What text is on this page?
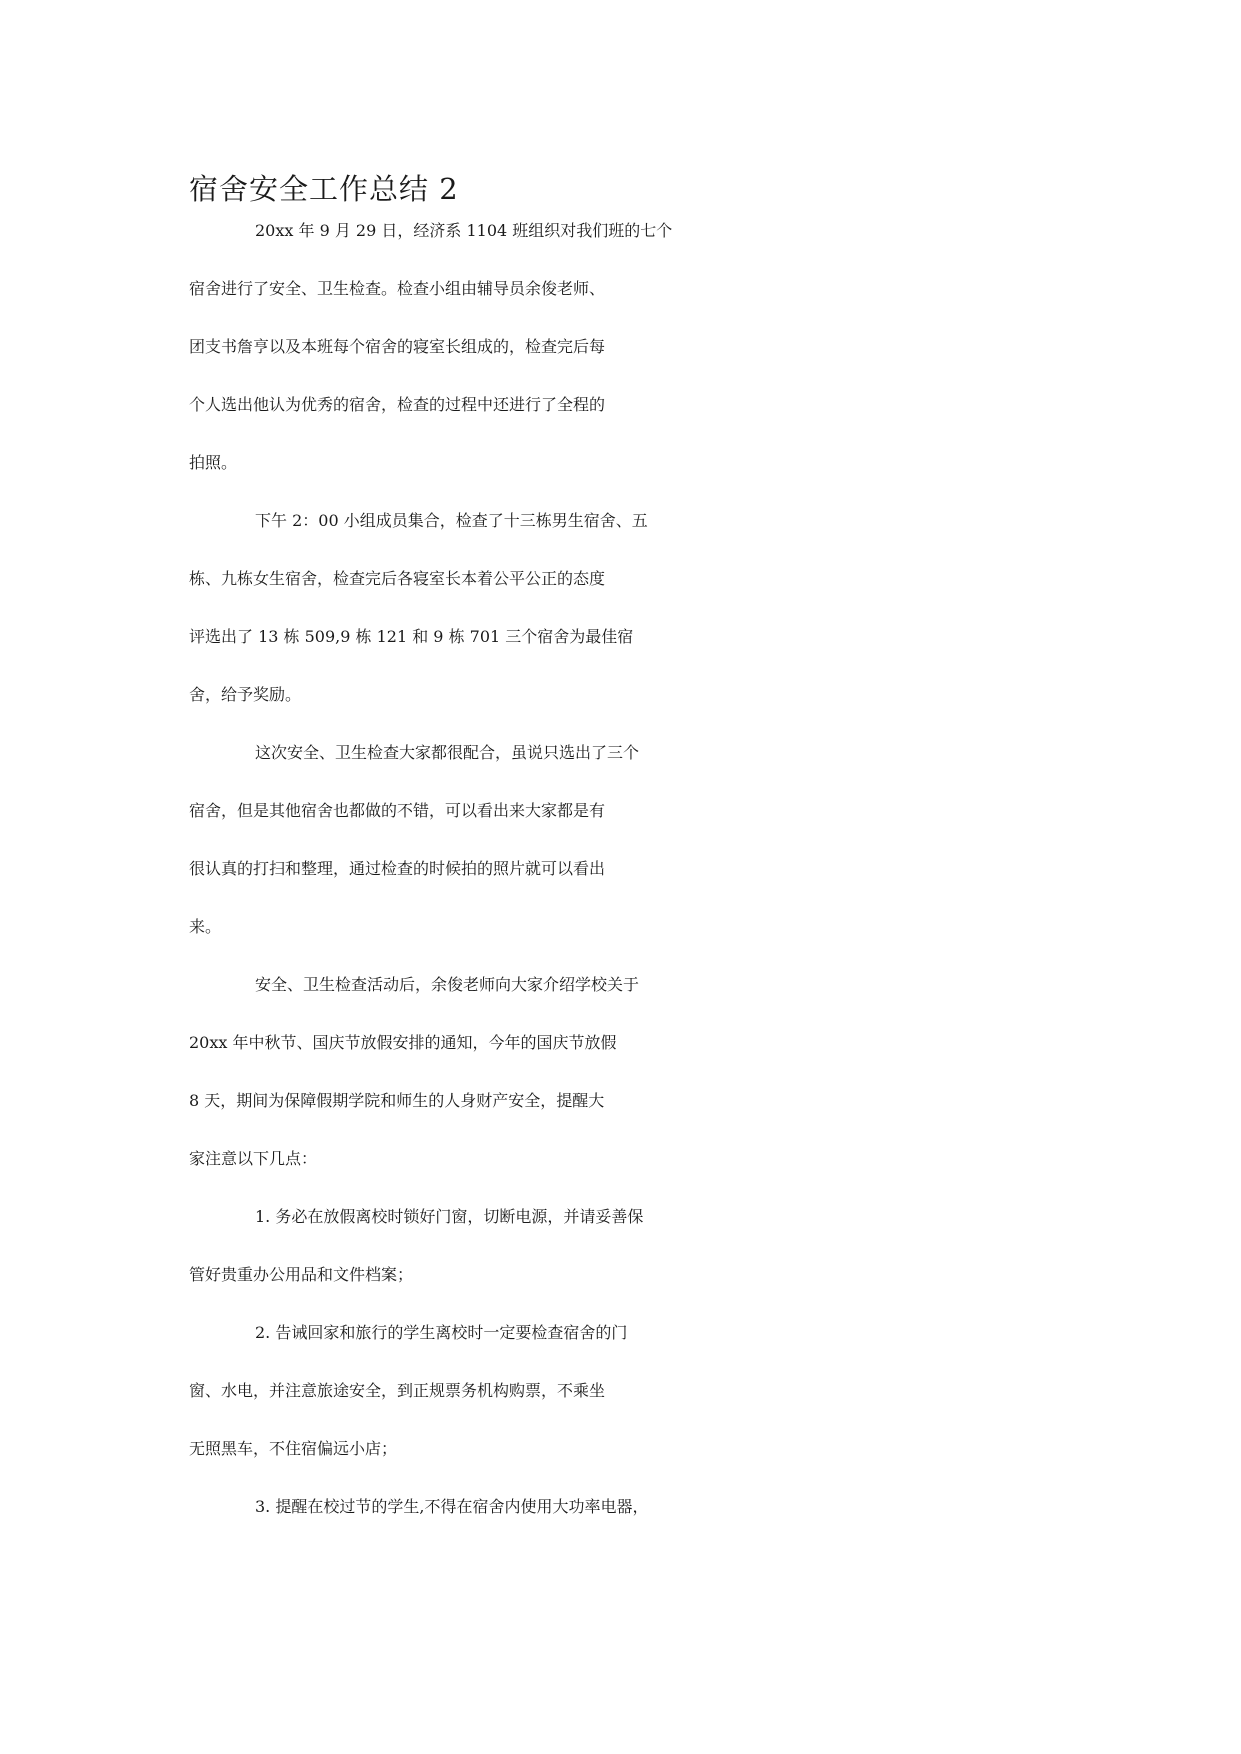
宿舍安全工作总结 2
20xx 年 9 月 29 日，经济系 1104 班组织对我们班的七个
宿舍进行了安全、卫生检查。检查小组由辅导员余俊老师、
团支书詹亨以及本班每个宿舍的寝室长组成的，检查完后每
个人选出他认为优秀的宿舍，检查的过程中还进行了全程的
拍照。
下午 2：00 小组成员集合，检查了十三栋男生宿舍、五
栋、九栋女生宿舍，检查完后各寝室长本着公平公正的态度
评选出了 13 栋 509,9 栋 121 和 9 栋 701 三个宿舍为最佳宿
舍，给予奖励。
这次安全、卫生检查大家都很配合，虽说只选出了三个
宿舍，但是其他宿舍也都做的不错，可以看出来大家都是有
很认真的打扫和整理，通过检查的时候拍的照片就可以看出
来。
安全、卫生检查活动后，余俊老师向大家介绍学校关于
20xx 年中秋节、国庆节放假安排的通知，今年的国庆节放假
8 天，期间为保障假期学院和师生的人身财产安全，提醒大
家注意以下几点：
1. 务必在放假离校时锁好门窗，切断电源，并请妥善保
管好贵重办公用品和文件档案；
2. 告诫回家和旅行的学生离校时一定要检查宿舍的门
窗、水电，并注意旅途安全，到正规票务机构购票，不乘坐
无照黑车，不住宿偏远小店；
3. 提醒在校过节的学生,不得在宿舍内使用大功率电器，
